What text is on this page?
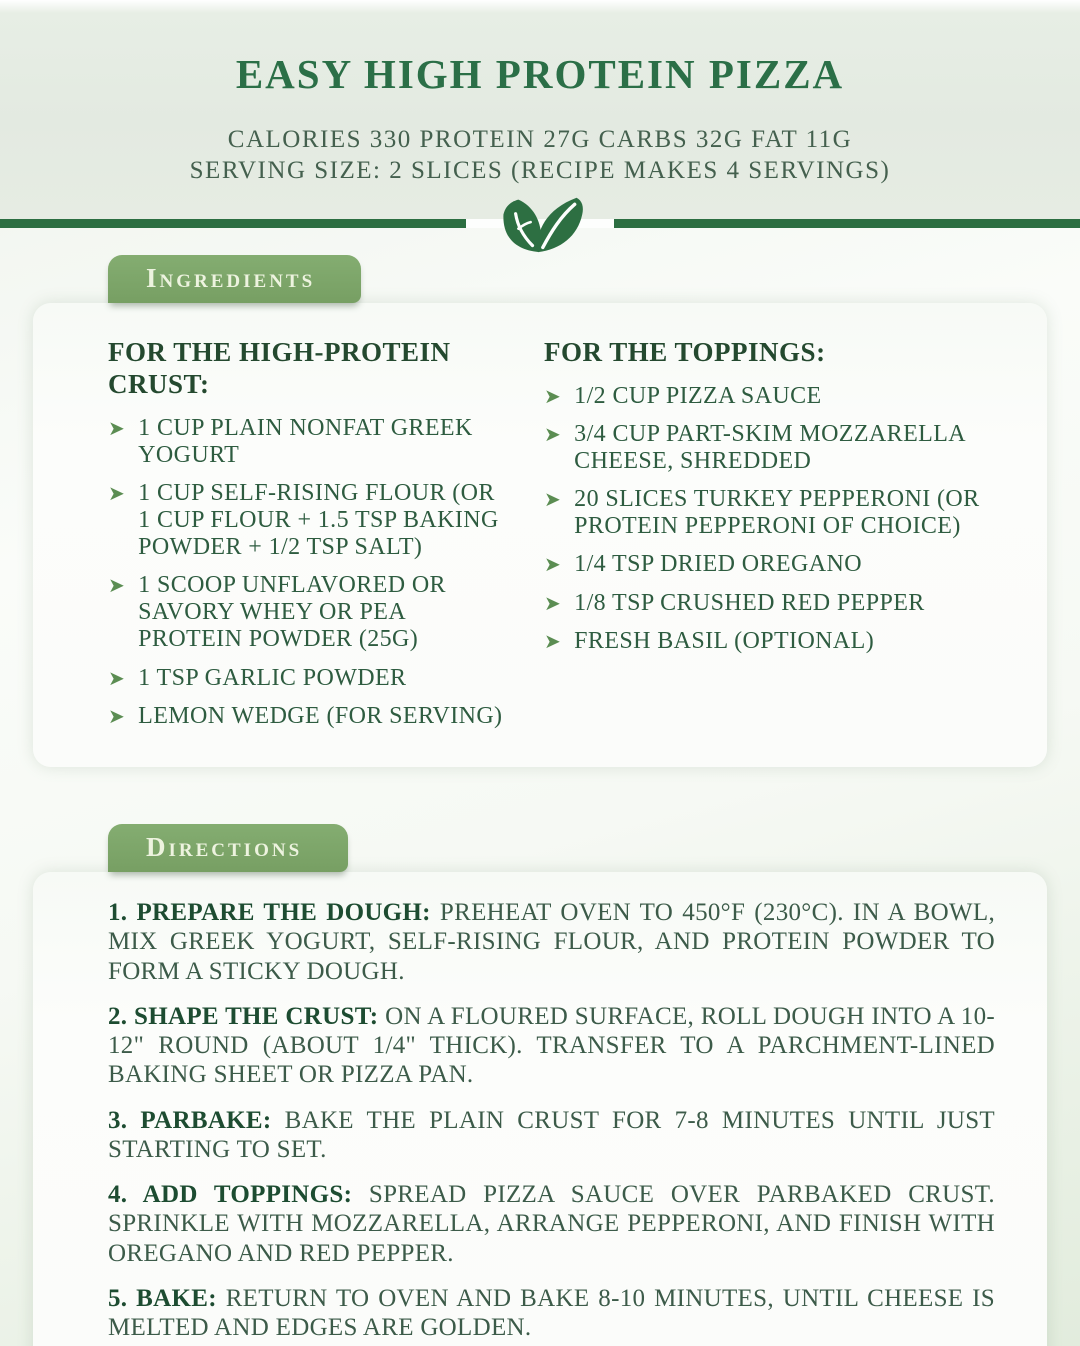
EASY HIGH PROTEIN PIZZA

CALORIES 330 PROTEIN 27G CARBS 32G FAT 11G

SERVING SIZE: 2 SLICES (RECIPE MAKES 4 SERVINGS)

Ingredients
FOR THE HIGH-PROTEIN CRUST:
➤ 1 CUP PLAIN NONFAT GREEK YOGURT
➤ 1 CUP SELF-RISING FLOUR (OR 1 CUP FLOUR + 1.5 TSP BAKING POWDER + 1/2 TSP SALT)
➤ 1 SCOOP UNFLAVORED OR SAVORY WHEY OR PEA PROTEIN POWDER (25G)
➤ 1 TSP GARLIC POWDER
➤ LEMON WEDGE (FOR SERVING)
FOR THE TOPPINGS:
➤ 1/2 CUP PIZZA SAUCE
➤ 3/4 CUP PART-SKIM MOZZARELLA CHEESE, SHREDDED
➤ 20 SLICES TURKEY PEPPERONI (OR PROTEIN PEPPERONI OF CHOICE)
➤ 1/4 TSP DRIED OREGANO
➤ 1/8 TSP CRUSHED RED PEPPER
➤ FRESH BASIL (OPTIONAL)
Directions

1. PREPARE THE DOUGH: PREHEAT OVEN TO 450°F (230°C). IN A BOWL, MIX GREEK YOGURT, SELF-RISING FLOUR, AND PROTEIN POWDER TO FORM A STICKY DOUGH.

2. SHAPE THE CRUST: ON A FLOURED SURFACE, ROLL DOUGH INTO A 10-12" ROUND (ABOUT 1/4" THICK). TRANSFER TO A PARCHMENT-LINED BAKING SHEET OR PIZZA PAN.

3. PARBAKE: BAKE THE PLAIN CRUST FOR 7-8 MINUTES UNTIL JUST STARTING TO SET.

4. ADD TOPPINGS: SPREAD PIZZA SAUCE OVER PARBAKED CRUST. SPRINKLE WITH MOZZARELLA, ARRANGE PEPPERONI, AND FINISH WITH OREGANO AND RED PEPPER.

5. BAKE: RETURN TO OVEN AND BAKE 8-10 MINUTES, UNTIL CHEESE IS MELTED AND EDGES ARE GOLDEN.
